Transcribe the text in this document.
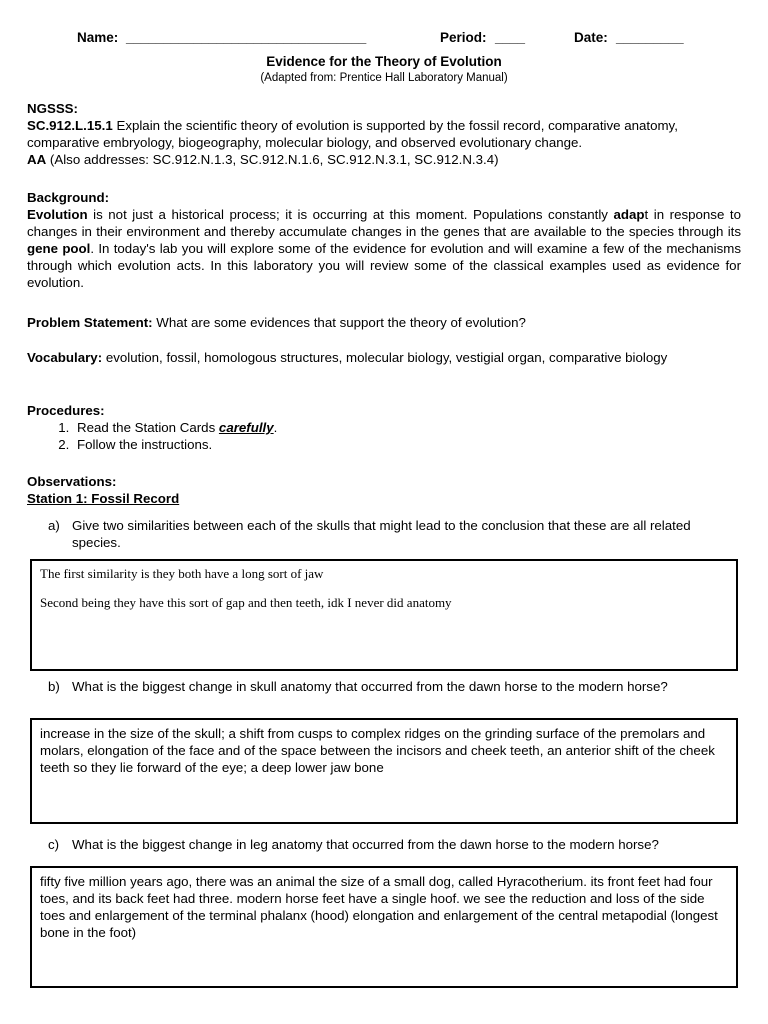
Name: ________________________________	Period: ____	Date: _________
Evidence for the Theory of Evolution
(Adapted from: Prentice Hall Laboratory Manual)
NGSSS:
SC.912.L.15.1 Explain the scientific theory of evolution is supported by the fossil record, comparative anatomy, comparative embryology, biogeography, molecular biology, and observed evolutionary change.
AA (Also addresses: SC.912.N.1.3, SC.912.N.1.6, SC.912.N.3.1, SC.912.N.3.4)
Background:
Evolution is not just a historical process; it is occurring at this moment. Populations constantly adapt in response to changes in their environment and thereby accumulate changes in the genes that are available to the species through its gene pool. In today's lab you will explore some of the evidence for evolution and will examine a few of the mechanisms through which evolution acts. In this laboratory you will review some of the classical examples used as evidence for evolution.
Problem Statement: What are some evidences that support the theory of evolution?
Vocabulary: evolution, fossil, homologous structures, molecular biology, vestigial organ, comparative biology
Procedures:
1. Read the Station Cards carefully.
2. Follow the instructions.
Observations:
Station 1: Fossil Record
a) Give two similarities between each of the skulls that might lead to the conclusion that these are all related species.

The first similarity is they both have a long sort of jaw

Second being they have this sort of gap and then teeth, idk I never did anatomy

b) What is the biggest change in skull anatomy that occurred from the dawn horse to the modern horse?
increase in the size of the skull; a shift from cusps to complex ridges on the grinding surface of the premolars and molars, elongation of the face and of the space between the incisors and cheek teeth, an anterior shift of the cheek teeth so they lie forward of the eye; a deep lower jaw bone
c) What is the biggest change in leg anatomy that occurred from the dawn horse to the modern horse?
fifty five million years ago, there was an animal the size of a small dog, called Hyracotherium. its front feet had four toes, and its back feet had three. modern horse feet have a single hoof. we see the reduction and loss of the side toes and enlargement of the terminal phalanx (hood) elongation and enlargement of the central metapodial (longest bone in the foot)
